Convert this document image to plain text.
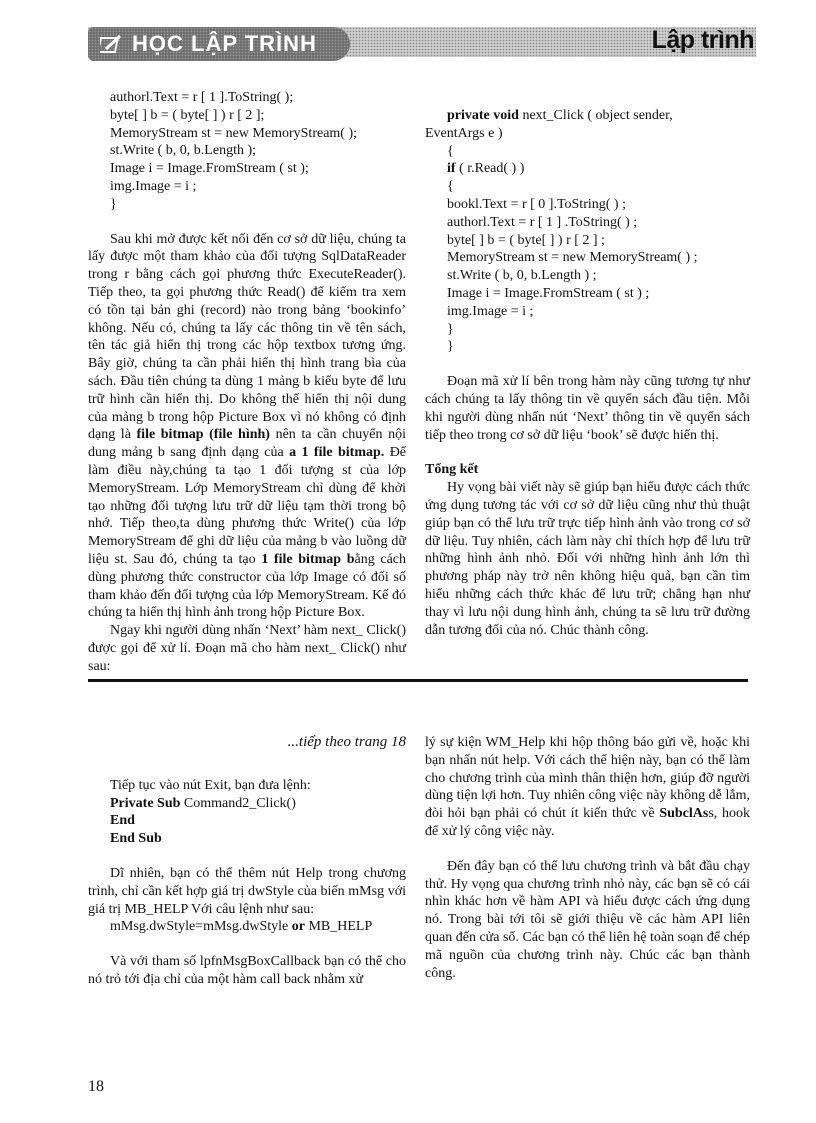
HỌC LẬP TRÌNH	Lập trình

authorl.Text = r [ 1 ].ToString( );

byte[ ] b = ( byte[ ] ) r [ 2 ];

MemoryStream st = new MemoryStream( );

st.Write ( b, 0, b.Length );

Image i = Image.FromStream ( st );

img.Image = i ;

}

Sau khi mở được kết nối đến cơ sở dữ liệu, chúng ta lấy được một tham khảo của đối tượng SqlDataReader trong r bằng cách gọi phương thức ExecuteReader(). Tiếp theo, ta gọi phương thức Read() để kiểm tra xem có tồn tại bản ghi (record) nào trong bảng ‘bookinfo’ không. Nếu có, chúng ta lấy các thông tin về tên sách, tên tác giả hiển thị trong các hộp textbox tương ứng. Bây giờ, chúng ta cần phải hiển thị hình trang bìa của sách. Đầu tiên chúng ta dùng 1 mảng b kiểu byte để lưu trữ hình cần hiển thị. Do không thể hiển thị nội dung của mảng b trong hộp Picture Box vì nó không có định dạng là file bitmap (file hình) nên ta cần chuyển nội dung mảng b sang định dạng của a 1 file bitmap. Để làm điều này,chúng ta tạo 1 đối tượng st của lớp MemoryStream. Lớp MemoryStream chỉ dùng để khởi tạo những đối tượng lưu trữ dữ liệu tạm thời trong bộ nhớ. Tiếp theo,ta dùng phương thức Write() của lớp MemoryStream để ghi dữ liệu của mảng b vào luồng dữ liệu st. Sau đó, chúng ta tạo 1 file bitmap bằng cách dùng phương thức constructor của lớp Image có đối số tham khảo đến đối tượng của lớp MemoryStream. Kế đó chúng ta hiển thị hình ảnh trong hộp Picture Box.

Ngay khi người dùng nhấn ‘Next’ hàm next_ Click() được gọi để xử lí. Đoạn mã cho hàm next_ Click() như sau:

private void next_Click ( object sender,

EventArgs e )

{

if ( r.Read( ) )

{

bookl.Text = r [ 0 ].ToString( ) ;

authorl.Text = r [ 1 ] .ToString( ) ;

byte[ ] b = ( byte[ ] ) r [ 2 ] ;

MemoryStream st = new MemoryStream( ) ;

st.Write ( b, 0, b.Length ) ;

Image i = Image.FromStream ( st ) ;

img.Image = i ;

}

}

Đoạn mã xử lí bên trong hàm này cũng tương tự như cách chúng ta lấy thông tin về quyển sách đầu tiện. Mỗi khi người dùng nhấn nút ‘Next’ thông tin về quyển sách tiếp theo trong cơ sở dữ liệu ‘book’ sẽ được hiển thị.

Tổng kết

Hy vọng bài viết này sẽ giúp bạn hiểu được cách thức ứng dụng tương tác với cơ sở dữ liệu cũng như thủ thuật giúp bạn có thể lưu trữ trực tiếp hình ảnh vào trong cơ sở dữ liệu. Tuy nhiên, cách làm này chỉ thích hợp để lưu trữ những hình ảnh nhỏ. Đối với những hình ảnh lớn thì phương pháp này trở nên không hiệu quả, bạn cần tìm hiểu những cách thức khác để lưu trữ; chẳng hạn như thay vì lưu nội dung hình ảnh, chúng ta sẽ lưu trữ đường dẫn tương đối của nó. Chúc thành công.

...tiếp theo trang 18

Tiếp tục vào nút Exit, bạn đưa lệnh:

Private Sub Command2_Click()

End

End Sub

Dĩ nhiên, bạn có thể thêm nút Help trong chương trình, chỉ cần kết hợp giá trị dwStyle của biến mMsg với giá trị MB_HELP Với câu lệnh như sau:

mMsg.dwStyle=mMsg.dwStyle or MB_HELP

Và với tham số lpfnMsgBoxCallback bạn có thể cho nó trỏ tới địa chỉ của một hàm call back nhằm xử

lý sự kiện WM_Help khi hộp thông báo gửi về, hoặc khi bạn nhấn nút help. Với cách thể hiện này, bạn có thể làm cho chương trình của mình thân thiện hơn, giúp đỡ người dùng tiện lợi hơn. Tuy nhiên công việc này không dễ lắm, đòi hỏi bạn phải có chút ít kiến thức về SubclAss, hook để xử lý công việc này.

Đến đây bạn có thể lưu chương trình và bắt đầu chạy thử. Hy vọng qua chương trình nhỏ này, các bạn sẽ có cái nhìn khác hơn về hàm API và hiểu được cách ứng dụng nó. Trong bài tới tôi sẽ giới thiệu về các hàm API liên quan đến cửa sổ. Các bạn có thể liên hệ toàn soạn để chép mã nguồn của chương trình này. Chúc các bạn thành công.

18
